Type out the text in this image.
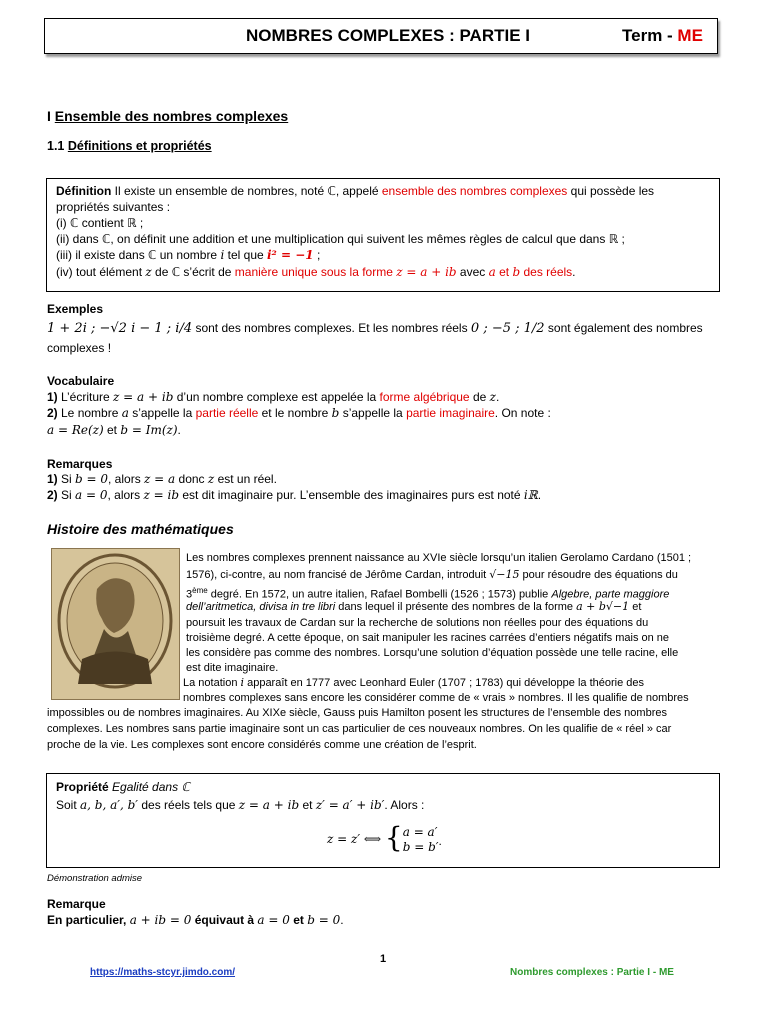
NOMBRES COMPLEXES : PARTIE I	Term - ME
I Ensemble des nombres complexes
1.1 Définitions et propriétés
Définition Il existe un ensemble de nombres, noté ℂ, appelé ensemble des nombres complexes qui possède les
propriétés suivantes :
(i) ℂ contient ℝ ;
(ii) dans ℂ, on définit une addition et une multiplication qui suivent les mêmes règles de calcul que dans ℝ ;
(iii) il existe dans ℂ un nombre i tel que i² = −1 ;
(iv) tout élément z de ℂ s’écrit de manière unique sous la forme z = a + ib avec a et b des réels.
Exemples
1 + 2i ; −√2 i − 1 ; i/4 sont des nombres complexes. Et les nombres réels 0 ; −5 ; 1/2 sont également des nombres
complexes !
Vocabulaire
1) L’écriture z = a + ib d’un nombre complexe est appelée la forme algébrique de z.
2) Le nombre a s’appelle la partie réelle et le nombre b s’appelle la partie imaginaire. On note :
a = Re(z) et b = Im(z).
Remarques
1) Si b = 0, alors z = a donc z est un réel.
2) Si a = 0, alors z = ib est dit imaginaire pur. L’ensemble des imaginaires purs est noté iℝ.
Histoire des mathématiques
Les nombres complexes prennent naissance au XVIe siècle lorsqu’un italien Gerolamo Cardano (1501 ;
1576), ci-contre, au nom francisé de Jérôme Cardan, introduit √−15 pour résoudre des équations du
3ème degré. En 1572, un autre italien, Rafael Bombelli (1526 ; 1573) publie Algebre, parte maggiore
dell’aritmetica, divisa in tre libri dans lequel il présente des nombres de la forme a + b√−1 et
poursuit les travaux de Cardan sur la recherche de solutions non réelles pour des équations du
troisième degré. A cette époque, on sait manipuler les racines carrées d’entiers négatifs mais on ne
les considère pas comme des nombres. Lorsqu’une solution d’équation possède une telle racine, elle
est dite imaginaire.
La notation i apparaît en 1777 avec Leonhard Euler (1707 ; 1783) qui développe la théorie des
nombres complexes sans encore les considérer comme de « vrais » nombres. Il les qualifie de nombres
impossibles ou de nombres imaginaires. Au XIXe siècle, Gauss puis Hamilton posent les structures de l’ensemble des nombres
complexes. Les nombres sans partie imaginaire sont un cas particulier de ces nouveaux nombres. On les qualifie de « réel » car
proche de la vie. Les complexes sont encore considérés comme une création de l’esprit.
Propriété Egalité dans ℂ
Soit a, b, a′, b′ des réels tels que z = a + ib et z′ = a′ + ib′. Alors :
z = z′ ⟺ { a = a′
b = b′ .
Démonstration admise
Remarque
En particulier, a + ib = 0 équivaut à a = 0 et b = 0.
1
https://maths-stcyr.jimdo.com/	Nombres complexes : Partie I - ME
